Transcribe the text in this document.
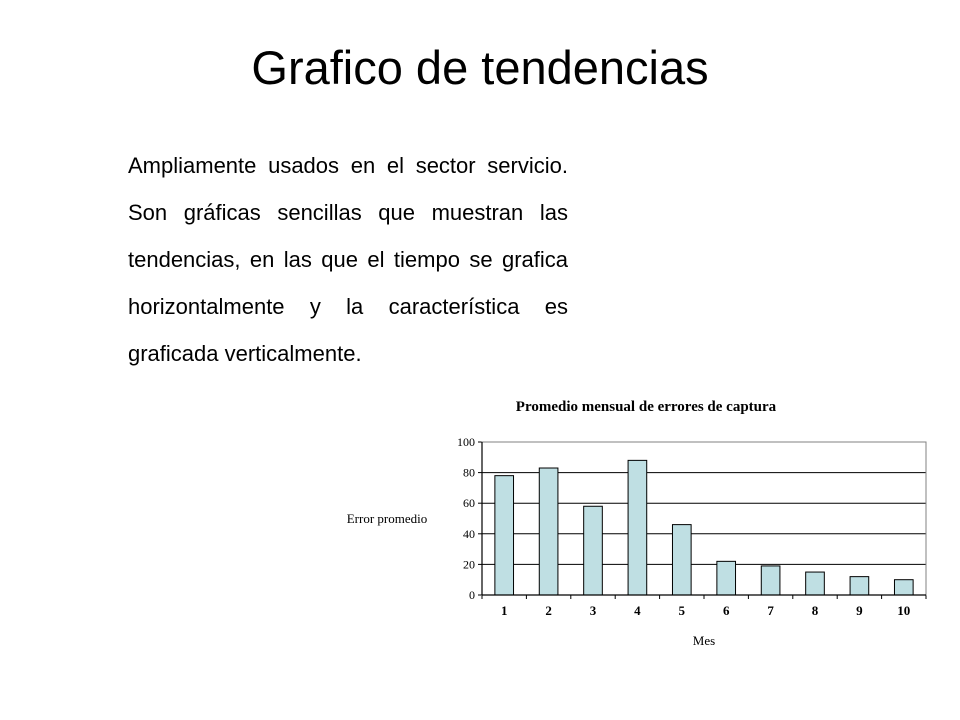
Grafico de tendencias

Ampliamente usados en el sector servicio. Son gráficas sencillas que muestran las tendencias, en las que el tiempo se grafica horizontalmente y la característica es graficada verticalmente.

Promedio mensual de errores de captura
Error promedio
Mes
0
20
40
60
80
100
1	2	3	4	5	6	7	8	9	10
